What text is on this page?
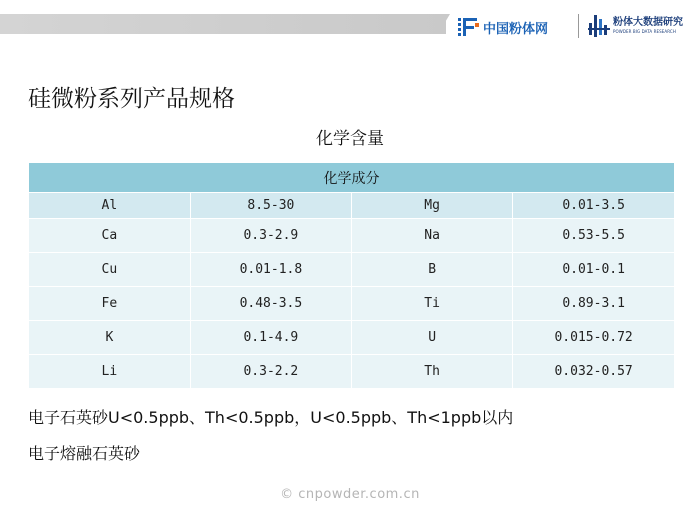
中国粉体网	粉体大数据研究
POWDER BIG DATA RESEARCH
硅微粉系列产品规格
化学含量
化学成分			
Al	8.5-30	Mg	0.01-3.5
Ca	0.3-2.9	Na	0.53-5.5
Cu	0.01-1.8	B	0.01-0.1
Fe	0.48-3.5	Ti	0.89-3.1
K	0.1-4.9	U	0.015-0.72
Li	0.3-2.2	Th	0.032-0.57
电子石英砂U<0.5ppb、Th<0.5ppb，U<0.5ppb、Th<1ppb以内
电子熔融石英砂
© cnpowder.com.cn
